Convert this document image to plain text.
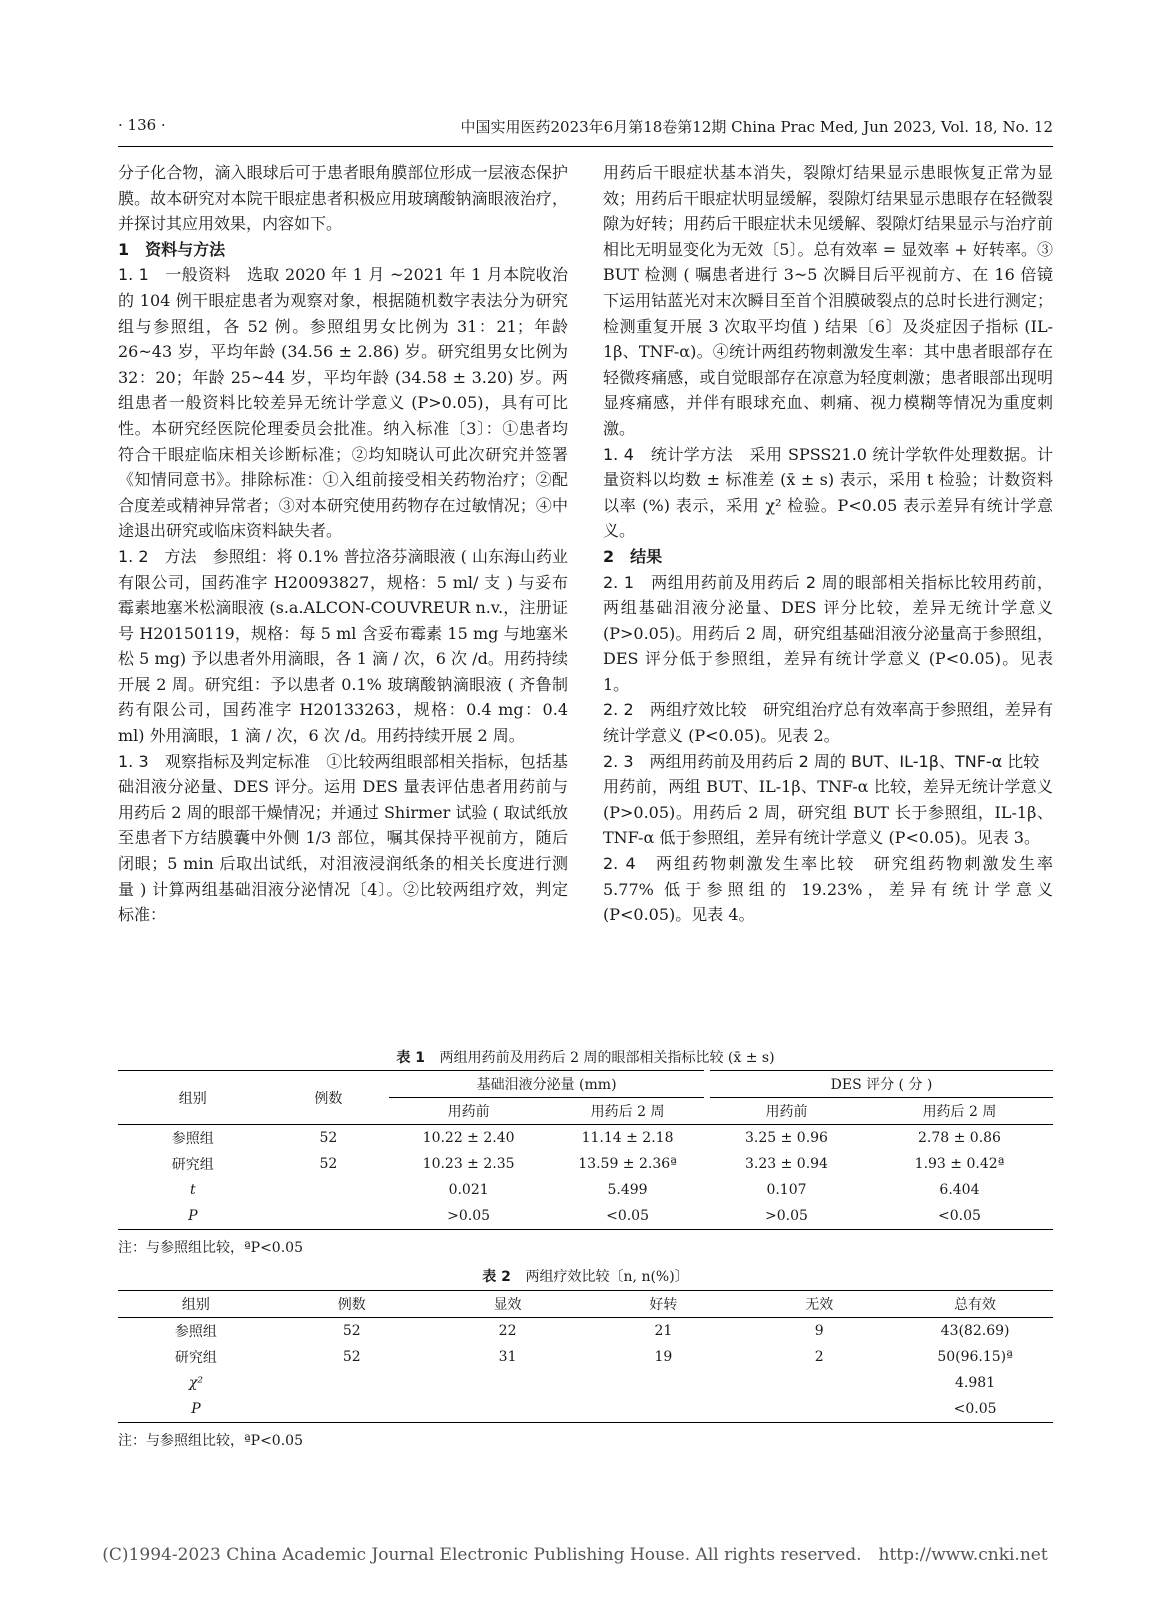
· 136 ·	中国实用医药2023年6月第18卷第12期 China Prac Med, Jun 2023, Vol. 18, No. 12

分子化合物，滴入眼球后可于患者眼角膜部位形成一层液态保护膜。故本研究对本院干眼症患者积极应用玻璃酸钠滴眼液治疗，并探讨其应用效果，内容如下。

1　资料与方法

1. 1　一般资料　选取 2020 年 1 月 ~2021 年 1 月本院收治的 104 例干眼症患者为观察对象，根据随机数字表法分为研究组与参照组，各 52 例。参照组男女比例为 31：21；年龄 26~43 岁，平均年龄 (34.56 ± 2.86) 岁。研究组男女比例为 32：20；年龄 25~44 岁，平均年龄 (34.58 ± 3.20) 岁。两组患者一般资料比较差异无统计学意义 (P>0.05)，具有可比性。本研究经医院伦理委员会批准。纳入标准〔3〕：①患者均符合干眼症临床相关诊断标准；②均知晓认可此次研究并签署《知情同意书》。排除标准：①入组前接受相关药物治疗；②配合度差或精神异常者；③对本研究使用药物存在过敏情况；④中途退出研究或临床资料缺失者。

1. 2　方法　参照组：将 0.1% 普拉洛芬滴眼液 ( 山东海山药业有限公司，国药准字 H20093827，规格：5 ml/ 支 ) 与妥布霉素地塞米松滴眼液 (s.a.ALCON-COUVREUR n.v.，注册证号 H20150119，规格：每 5 ml 含妥布霉素 15 mg 与地塞米松 5 mg) 予以患者外用滴眼，各 1 滴 / 次，6 次 /d。用药持续开展 2 周。研究组：予以患者 0.1% 玻璃酸钠滴眼液 ( 齐鲁制药有限公司，国药准字 H20133263，规格：0.4 mg：0.4 ml) 外用滴眼，1 滴 / 次，6 次 /d。用药持续开展 2 周。

1. 3　观察指标及判定标准　①比较两组眼部相关指标，包括基础泪液分泌量、DES 评分。运用 DES 量表评估患者用药前与用药后 2 周的眼部干燥情况；并通过 Shirmer 试验 ( 取试纸放至患者下方结膜囊中外侧 1/3 部位，嘱其保持平视前方，随后闭眼；5 min 后取出试纸，对泪液浸润纸条的相关长度进行测量 ) 计算两组基础泪液分泌情况〔4〕。②比较两组疗效，判定标准：

用药后干眼症状基本消失，裂隙灯结果显示患眼恢复正常为显效；用药后干眼症状明显缓解，裂隙灯结果显示患眼存在轻微裂隙为好转；用药后干眼症状未见缓解、裂隙灯结果显示与治疗前相比无明显变化为无效〔5〕。总有效率 = 显效率 + 好转率。③ BUT 检测 ( 嘱患者进行 3~5 次瞬目后平视前方、在 16 倍镜下运用钴蓝光对末次瞬目至首个泪膜破裂点的总时长进行测定；检测重复开展 3 次取平均值 ) 结果〔6〕及炎症因子指标 (IL-1β、TNF-α)。④统计两组药物刺激发生率：其中患者眼部存在轻微疼痛感，或自觉眼部存在凉意为轻度刺激；患者眼部出现明显疼痛感，并伴有眼球充血、刺痛、视力模糊等情况为重度刺激。

1. 4　统计学方法　采用 SPSS21.0 统计学软件处理数据。计量资料以均数 ± 标准差 (x̄ ± s) 表示，采用 t 检验；计数资料以率 (%) 表示，采用 χ² 检验。P<0.05 表示差异有统计学意义。

2　结果

2. 1　两组用药前及用药后 2 周的眼部相关指标比较用药前，两组基础泪液分泌量、DES 评分比较，差异无统计学意义 (P>0.05)。用药后 2 周，研究组基础泪液分泌量高于参照组，DES 评分低于参照组，差异有统计学意义 (P<0.05)。见表 1。

2. 2　两组疗效比较　研究组治疗总有效率高于参照组，差异有统计学意义 (P<0.05)。见表 2。

2. 3　两组用药前及用药后 2 周的 BUT、IL-1β、TNF-α 比较　用药前，两组 BUT、IL-1β、TNF-α 比较，差异无统计学意义 (P>0.05)。用药后 2 周，研究组 BUT 长于参照组，IL-1β、TNF-α 低于参照组，差异有统计学意义 (P<0.05)。见表 3。

2. 4　两组药物刺激发生率比较　研究组药物刺激发生率 5.77% 低于参照组的 19.23%，差异有统计学意义 (P<0.05)。见表 4。

表 1 两组用药前及用药后 2 周的眼部相关指标比较 (x̄ ± s)
组别	例数	基础泪液分泌量 (mm)		DES 评分 ( 分 )	
		用药前	用药后 2 周	用药前	用药后 2 周
参照组	52	10.22 ± 2.40	11.14 ± 2.18	3.25 ± 0.96	2.78 ± 0.86
研究组	52	10.23 ± 2.35	13.59 ± 2.36ª	3.23 ± 0.94	1.93 ± 0.42ª
t		0.021	5.499	0.107	6.404
P		>0.05	<0.05	>0.05	<0.05
注：与参照组比较，ªP<0.05
表 2 两组疗效比较〔n, n(%)〕
组别	例数	显效	好转	无效	总有效
参照组	52	22	21	9	43(82.69)
研究组	52	31	19	2	50(96.15)ª
χ²					4.981
P					<0.05
注：与参照组比较，ªP<0.05
(C)1994-2023 China Academic Journal Electronic Publishing House. All rights reserved.　http://www.cnki.net
